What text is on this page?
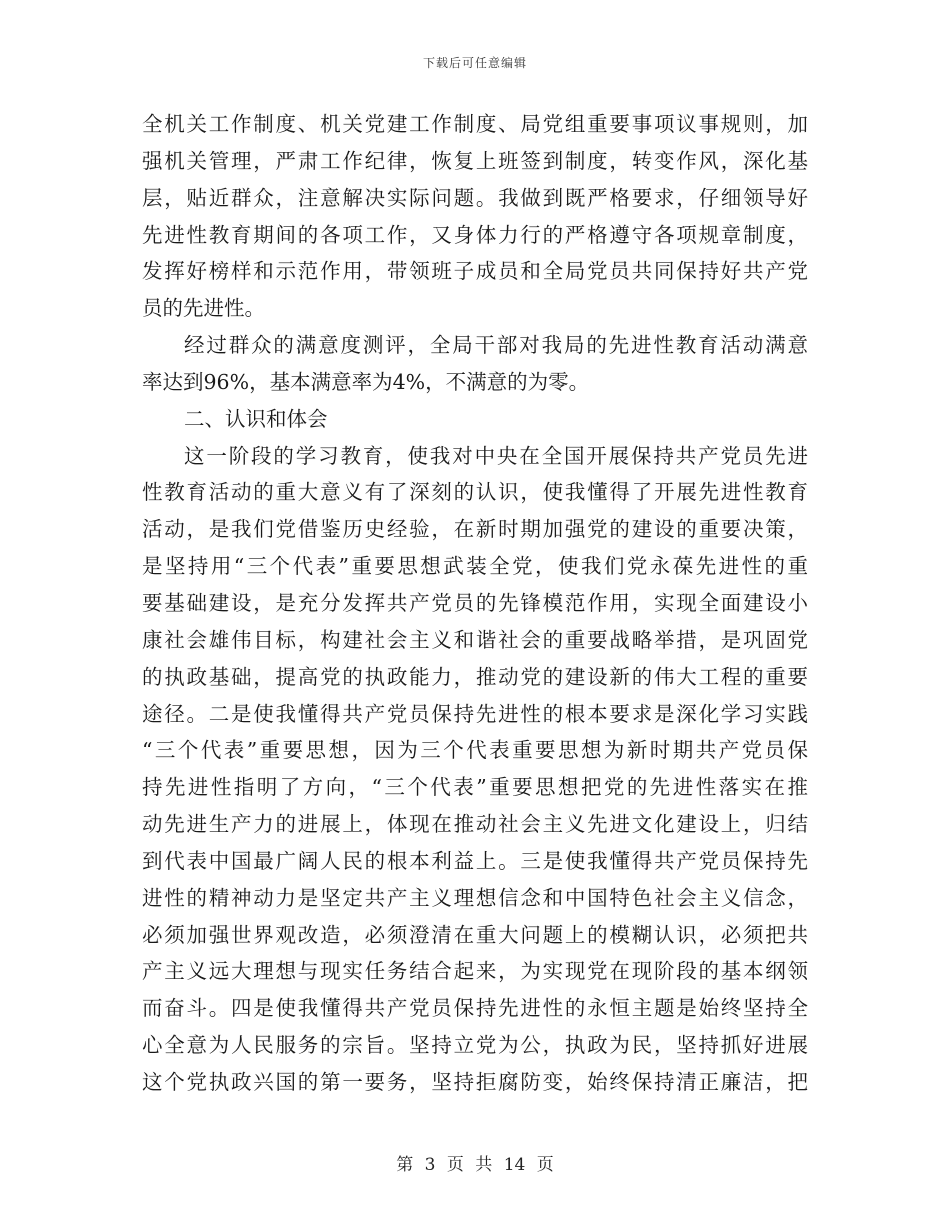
下载后可任意编辑
全机关工作制度、机关党建工作制度、局党组重要事项议事规则，加
强机关管理，严肃工作纪律，恢复上班签到制度，转变作风，深化基
层，贴近群众，注意解决实际问题。我做到既严格要求，仔细领导好
先进性教育期间的各项工作，又身体力行的严格遵守各项规章制度，
发挥好榜样和示范作用，带领班子成员和全局党员共同保持好共产党
员的先进性。
经过群众的满意度测评，全局干部对我局的先进性教育活动满意
率达到96%，基本满意率为4%，不满意的为零。
二、认识和体会
这一阶段的学习教育，使我对中央在全国开展保持共产党员先进
性教育活动的重大意义有了深刻的认识，使我懂得了开展先进性教育
活动，是我们党借鉴历史经验，在新时期加强党的建设的重要决策，
是坚持用“三个代表”重要思想武装全党，使我们党永葆先进性的重
要基础建设，是充分发挥共产党员的先锋模范作用，实现全面建设小
康社会雄伟目标，构建社会主义和谐社会的重要战略举措，是巩固党
的执政基础，提高党的执政能力，推动党的建设新的伟大工程的重要
途径。二是使我懂得共产党员保持先进性的根本要求是深化学习实践
“三个代表”重要思想，因为三个代表重要思想为新时期共产党员保
持先进性指明了方向，“三个代表”重要思想把党的先进性落实在推
动先进生产力的进展上，体现在推动社会主义先进文化建设上，归结
到代表中国最广阔人民的根本利益上。三是使我懂得共产党员保持先
进性的精神动力是坚定共产主义理想信念和中国特色社会主义信念，
必须加强世界观改造，必须澄清在重大问题上的模糊认识，必须把共
产主义远大理想与现实任务结合起来，为实现党在现阶段的基本纲领
而奋斗。四是使我懂得共产党员保持先进性的永恒主题是始终坚持全
心全意为人民服务的宗旨。坚持立党为公，执政为民，坚持抓好进展
这个党执政兴国的第一要务，坚持拒腐防变，始终保持清正廉洁，把
第 3 页 共 14 页
